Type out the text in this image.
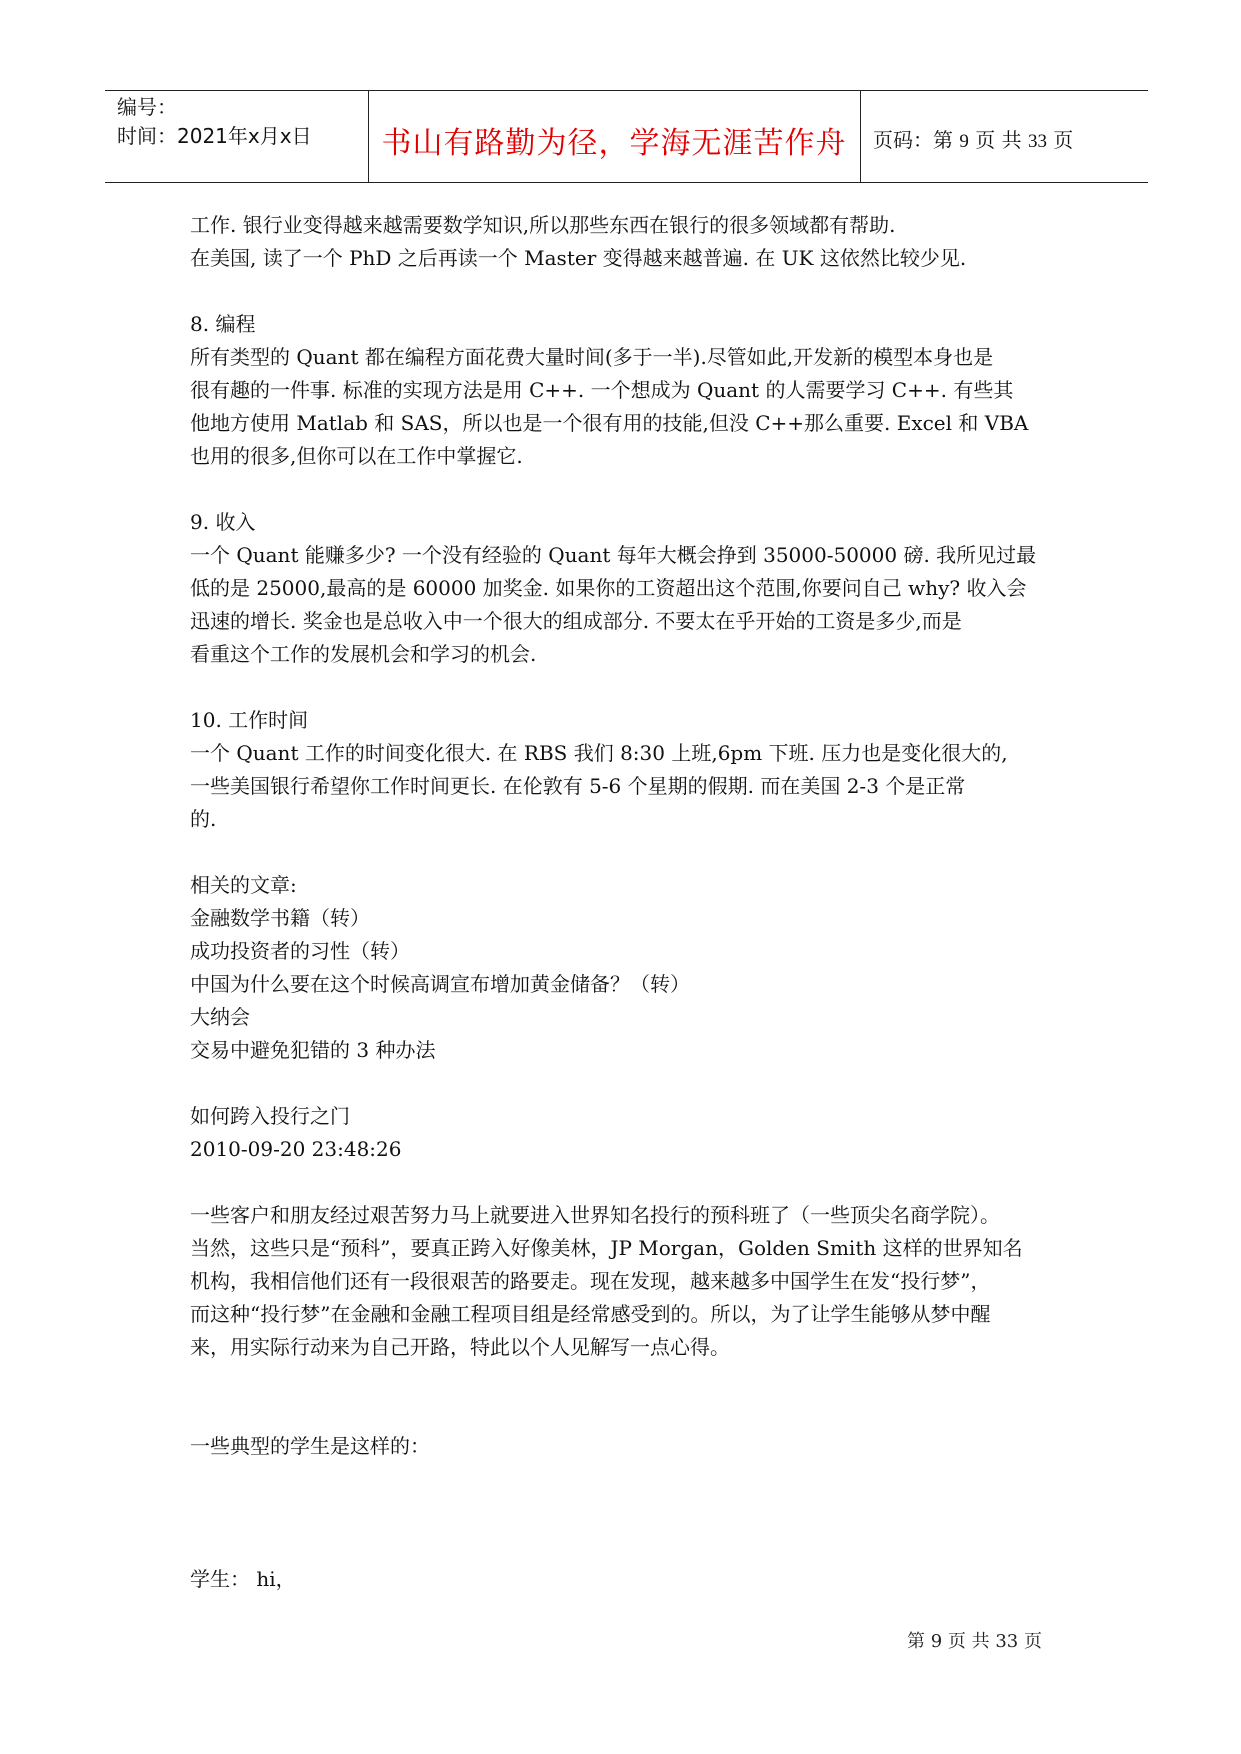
编号：
时间：2021年x月x日	书山有路勤为径，学海无涯苦作舟	页码：第 9 页 共 33 页

工作. 银行业变得越来越需要数学知识,所以那些东西在银行的很多领域都有帮助.

在美国, 读了一个 PhD 之后再读一个 Master 变得越来越普遍. 在 UK 这依然比较少见.

8. 编程

所有类型的 Quant 都在编程方面花费大量时间(多于一半).尽管如此,开发新的模型本身也是

很有趣的一件事. 标准的实现方法是用 C++. 一个想成为 Quant 的人需要学习 C++. 有些其

他地方使用 Matlab 和 SAS，所以也是一个很有用的技能,但没 C++那么重要. Excel 和 VBA

也用的很多,但你可以在工作中掌握它.

9. 收入

一个 Quant 能赚多少? 一个没有经验的 Quant 每年大概会挣到 35000-50000 磅. 我所见过最

低的是 25000,最高的是 60000 加奖金. 如果你的工资超出这个范围,你要问自己 why? 收入会

迅速的增长. 奖金也是总收入中一个很大的组成部分. 不要太在乎开始的工资是多少,而是

看重这个工作的发展机会和学习的机会.

10. 工作时间

一个 Quant 工作的时间变化很大. 在 RBS 我们 8:30 上班,6pm 下班. 压力也是变化很大的,

一些美国银行希望你工作时间更长. 在伦敦有 5-6 个星期的假期. 而在美国 2-3 个是正常

的.

相关的文章:

金融数学书籍（转）

成功投资者的习性（转）

中国为什么要在这个时候高调宣布增加黄金储备？（转）

大纳会

交易中避免犯错的 3 种办法

如何跨入投行之门

2010-09-20 23:48:26

一些客户和朋友经过艰苦努力马上就要进入世界知名投行的预科班了（一些顶尖名商学院）。

当然，这些只是“预科”，要真正跨入好像美林，JP Morgan，Golden Smith 这样的世界知名

机构，我相信他们还有一段很艰苦的路要走。现在发现，越来越多中国学生在发“投行梦”，

而这种“投行梦”在金融和金融工程项目组是经常感受到的。所以，为了让学生能够从梦中醒

来，用实际行动来为自己开路，特此以个人见解写一点心得。

一些典型的学生是这样的：

学生： hi，

第 9 页 共 33 页
